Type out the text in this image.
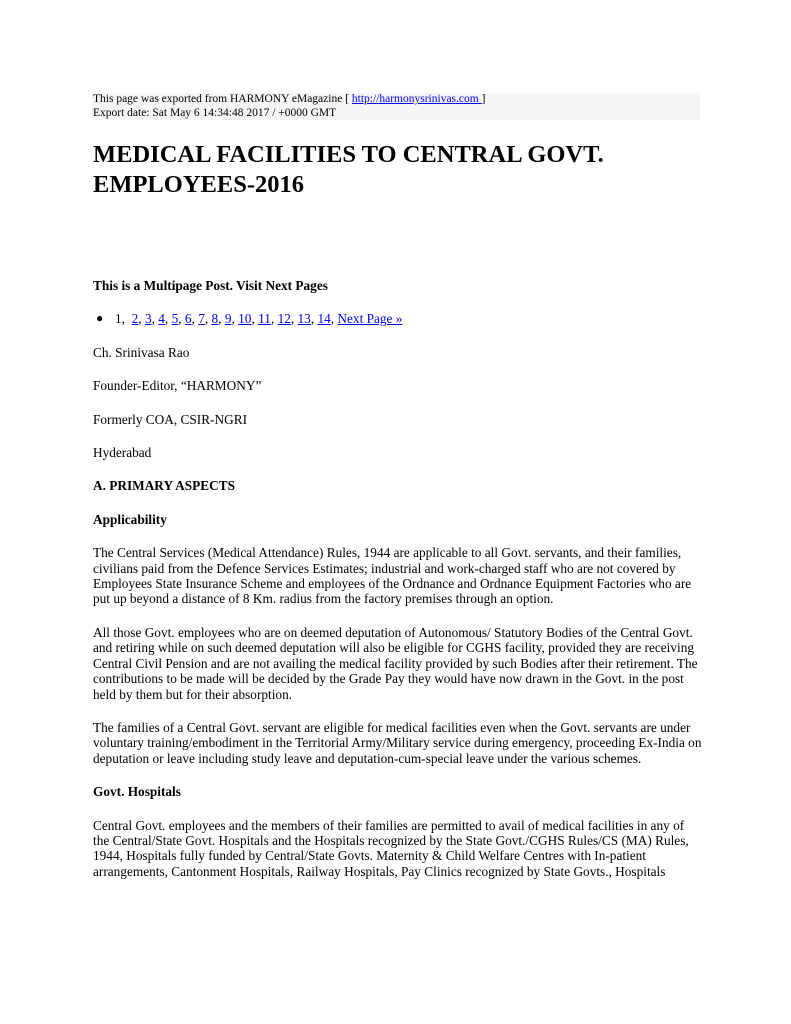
This page was exported from HARMONY eMagazine [ http://harmonysrinivas.com ]
Export date: Sat May 6 14:34:48 2017 / +0000 GMT
MEDICAL FACILITIES TO CENTRAL GOVT. EMPLOYEES-2016

This is a Multipage Post. Visit Next Pages

● 1,  2, 3, 4, 5, 6, 7, 8, 9, 10, 11, 12, 13, 14, Next Page »

Ch. Srinivasa Rao

Founder-Editor, “HARMONY”

Formerly COA, CSIR-NGRI

Hyderabad

A. PRIMARY ASPECTS

Applicability

The Central Services (Medical Attendance) Rules, 1944 are applicable to all Govt. servants, and their families, civilians paid from the Defence Services Estimates; industrial and work-charged staff who are not covered by Employees State Insurance Scheme and employees of the Ordnance and Ordnance Equipment Factories who are put up beyond a distance of 8 Km. radius from the factory premises through an option.

All those Govt. employees who are on deemed deputation of Autonomous/ Statutory Bodies of the Central Govt. and retiring while on such deemed deputation will also be eligible for CGHS facility, provided they are receiving Central Civil Pension and are not availing the medical facility provided by such Bodies after their retirement. The contributions to be made will be decided by the Grade Pay they would have now drawn in the Govt. in the post held by them but for their absorption.

The families of a Central Govt. servant are eligible for medical facilities even when the Govt. servants are under voluntary training/embodiment in the Territorial Army/Military service during emergency, proceeding Ex-India on deputation or leave including study leave and deputation-cum-special leave under the various schemes.

Govt. Hospitals

Central Govt. employees and the members of their families are permitted to avail of medical facilities in any of the Central/State Govt. Hospitals and the Hospitals recognized by the State Govt./CGHS Rules/CS (MA) Rules, 1944, Hospitals fully funded by Central/State Govts. Maternity & Child Welfare Centres with In-patient arrangements, Cantonment Hospitals, Railway Hospitals, Pay Clinics recognized by State Govts., Hospitals
